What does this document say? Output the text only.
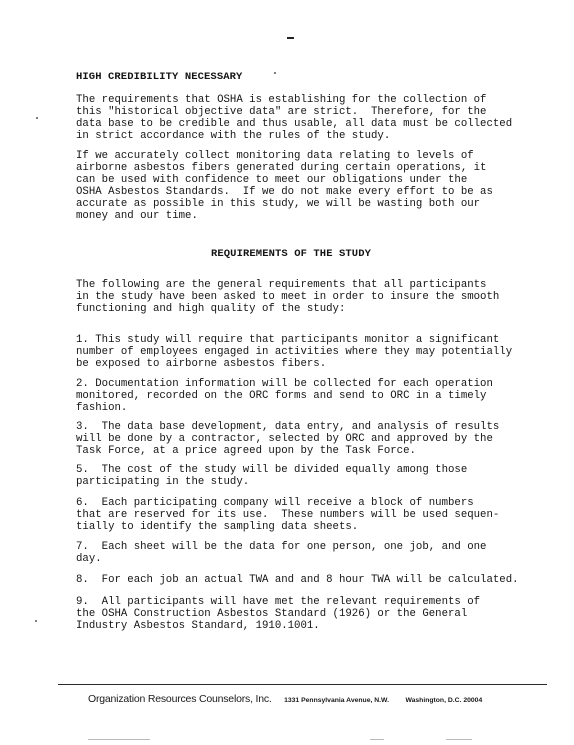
HIGH CREDIBILITY NECESSARY

The requirements that OSHA is establishing for the collection of
this "historical objective data" are strict.  Therefore, for the
data base to be credible and thus usable, all data must be collected
in strict accordance with the rules of the study.

If we accurately collect monitoring data relating to levels of
airborne asbestos fibers generated during certain operations, it
can be used with confidence to meet our obligations under the
OSHA Asbestos Standards.  If we do not make every effort to be as
accurate as possible in this study, we will be wasting both our
money and our time.

REQUIREMENTS OF THE STUDY

The following are the general requirements that all participants
in the study have been asked to meet in order to insure the smooth
functioning and high quality of the study:

1. This study will require that participants monitor a significant
number of employees engaged in activities where they may potentially
be exposed to airborne asbestos fibers.

2. Documentation information will be collected for each operation
monitored, recorded on the ORC forms and send to ORC in a timely
fashion.

3.  The data base development, data entry, and analysis of results
will be done by a contractor, selected by ORC and approved by the
Task Force, at a price agreed upon by the Task Force.

5.  The cost of the study will be divided equally among those
participating in the study.

6.  Each participating company will receive a block of numbers
that are reserved for its use.  These numbers will be used sequen-
tially to identify the sampling data sheets.

7.  Each sheet will be the data for one person, one job, and one
day.

8.  For each job an actual TWA and and 8 hour TWA will be calculated.

9.  All participants will have met the relevant requirements of
the OSHA Construction Asbestos Standard (1926) or the General
Industry Asbestos Standard, 1910.1001.

Organization Resources Counselors, Inc. 1331 Pennsylvania Avenue, N.W. Washington, D.C. 20004
